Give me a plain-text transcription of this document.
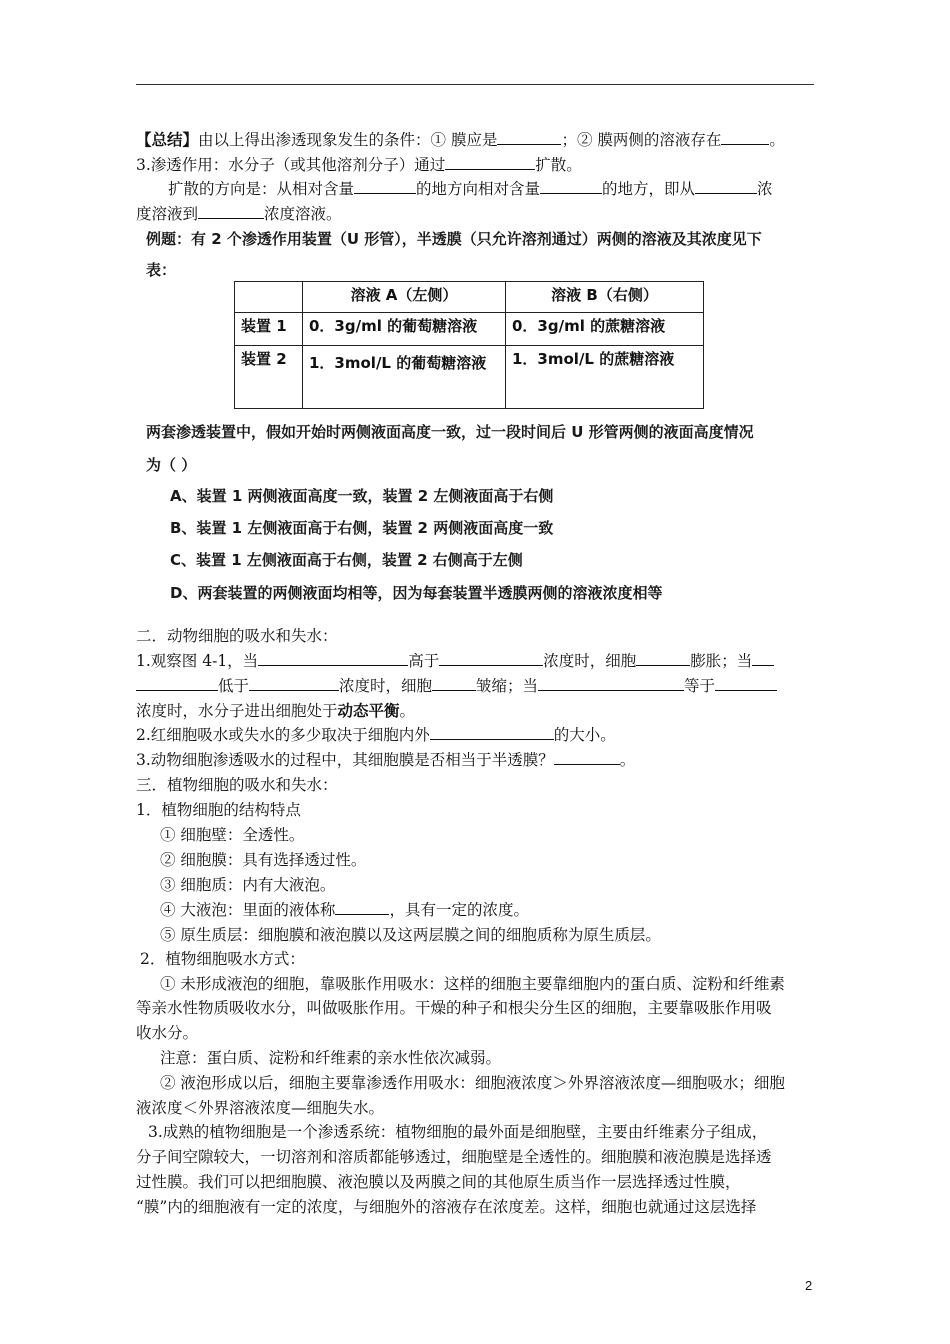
【总结】由以上得出渗透现象发生的条件：① 膜应是	；② 膜两侧的溶液存在	。
3.渗透作用：水分子（或其他溶剂分子）通过	扩散。
扩散的方向是：从相对含量	的地方向相对含量	的地方，即从	浓
度溶液到	浓度溶液。
例题：有 2 个渗透作用装置（U 形管），半透膜（只允许溶剂通过）两侧的溶液及其浓度见下
表：
	溶液 A（左侧）	溶液 B（右侧）
装置 1	0．3g/ml 的葡萄糖溶液	0．3g/ml 的蔗糖溶液
装置 2	1．3mol/L 的葡萄糖溶液	1．3mol/L 的蔗糖溶液
两套渗透装置中，假如开始时两侧液面高度一致，过一段时间后 U 形管两侧的液面高度情况
为（ ）
A、装置 1 两侧液面高度一致，装置 2 左侧液面高于右侧
B、装置 1 左侧液面高于右侧，装置 2 两侧液面高度一致
C、装置 1 左侧液面高于右侧，装置 2 右侧高于左侧
D、两套装置的两侧液面均相等，因为每套装置半透膜两侧的溶液浓度相等
二．动物细胞的吸水和失水：
1.观察图 4-1，当	高于	浓度时，细胞	膨胀；当
低于	浓度时，细胞	皱缩；当	等于
浓度时，水分子进出细胞处于动态平衡。
2.红细胞吸水或失水的多少取决于细胞内外	的大小。
3.动物细胞渗透吸水的过程中，其细胞膜是否相当于半透膜？	。
三．植物细胞的吸水和失水：
1．植物细胞的结构特点
① 细胞壁：全透性。
② 细胞膜：具有选择透过性。
③ 细胞质：内有大液泡。
④ 大液泡：里面的液体称	，具有一定的浓度。
⑤ 原生质层：细胞膜和液泡膜以及这两层膜之间的细胞质称为原生质层。
2．植物细胞吸水方式：
① 未形成液泡的细胞，靠吸胀作用吸水：这样的细胞主要靠细胞内的蛋白质、淀粉和纤维素
等亲水性物质吸收水分，叫做吸胀作用。干燥的种子和根尖分生区的细胞，主要靠吸胀作用吸
收水分。
注意：蛋白质、淀粉和纤维素的亲水性依次减弱。
② 液泡形成以后，细胞主要靠渗透作用吸水：细胞液浓度＞外界溶液浓度—细胞吸水；细胞
液浓度＜外界溶液浓度—细胞失水。
3.成熟的植物细胞是一个渗透系统：植物细胞的最外面是细胞壁，主要由纤维素分子组成，
分子间空隙较大，一切溶剂和溶质都能够透过，细胞壁是全透性的。细胞膜和液泡膜是选择透
过性膜。我们可以把细胞膜、液泡膜以及两膜之间的其他原生质当作一层选择透过性膜，
“膜”内的细胞液有一定的浓度，与细胞外的溶液存在浓度差。这样，细胞也就通过这层选择
2
